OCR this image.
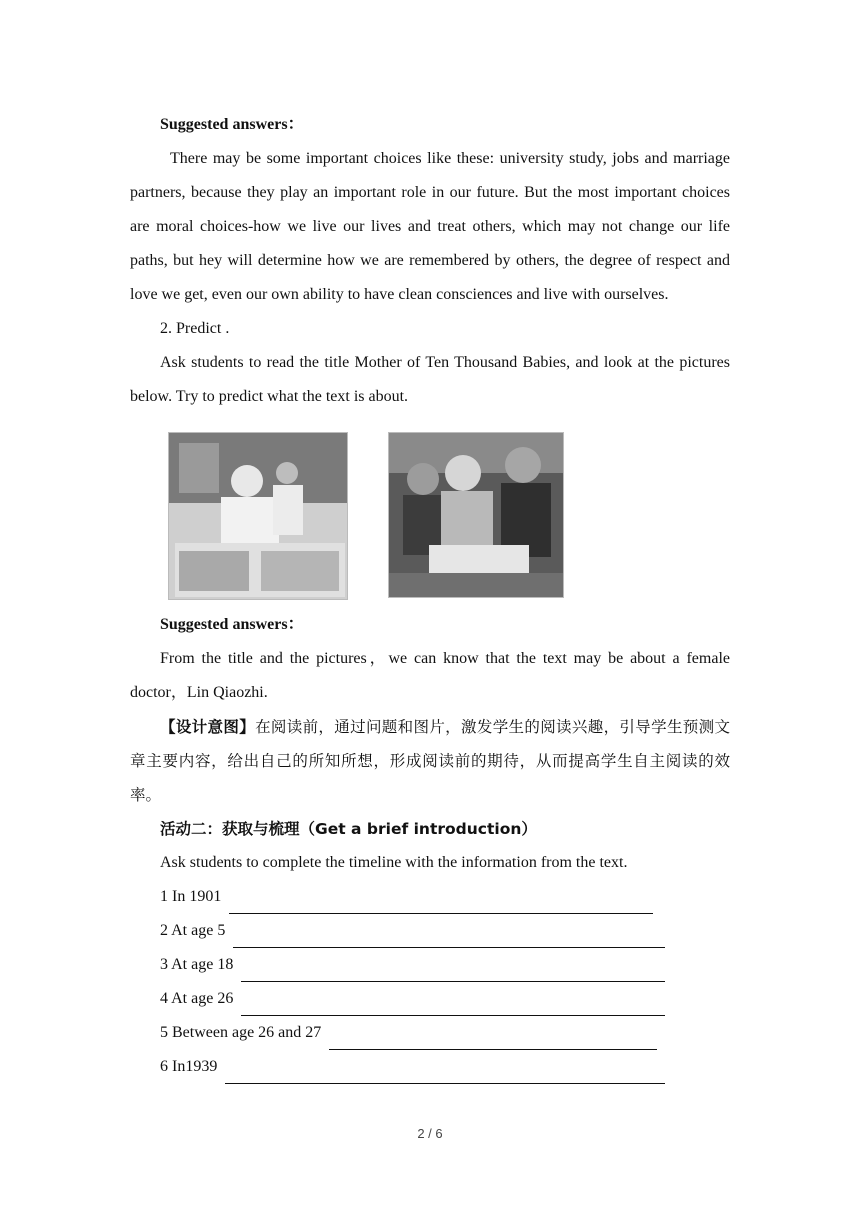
Suggested answers：

There may be some important choices like these: university study, jobs and marriage partners, because they play an important role in our future. But the most important choices are moral choices-how we live our lives and treat others, which may not change our life paths, but hey will determine how we are remembered by others, the degree of respect and love we get, even our own ability to have clean consciences and live with ourselves.

2. Predict .

Ask students to read the title Mother of Ten Thousand Babies, and look at the pictures below. Try to predict what the text is about.

Suggested answers：

From the title and the pictures，we can know that the text may be about a female doctor，Lin Qiaozhi.

【设计意图】在阅读前，通过问题和图片，激发学生的阅读兴趣，引导学生预测文章主要内容，给出自己的所知所想，形成阅读前的期待，从而提高学生自主阅读的效率。

活动二：获取与梳理（Get a brief introduction）

Ask students to complete the timeline with the information from the text.

1 In 1901
2 At age 5
3 At age 18
4 At age 26
5 Between age 26 and 27
6 In1939
2 / 6
